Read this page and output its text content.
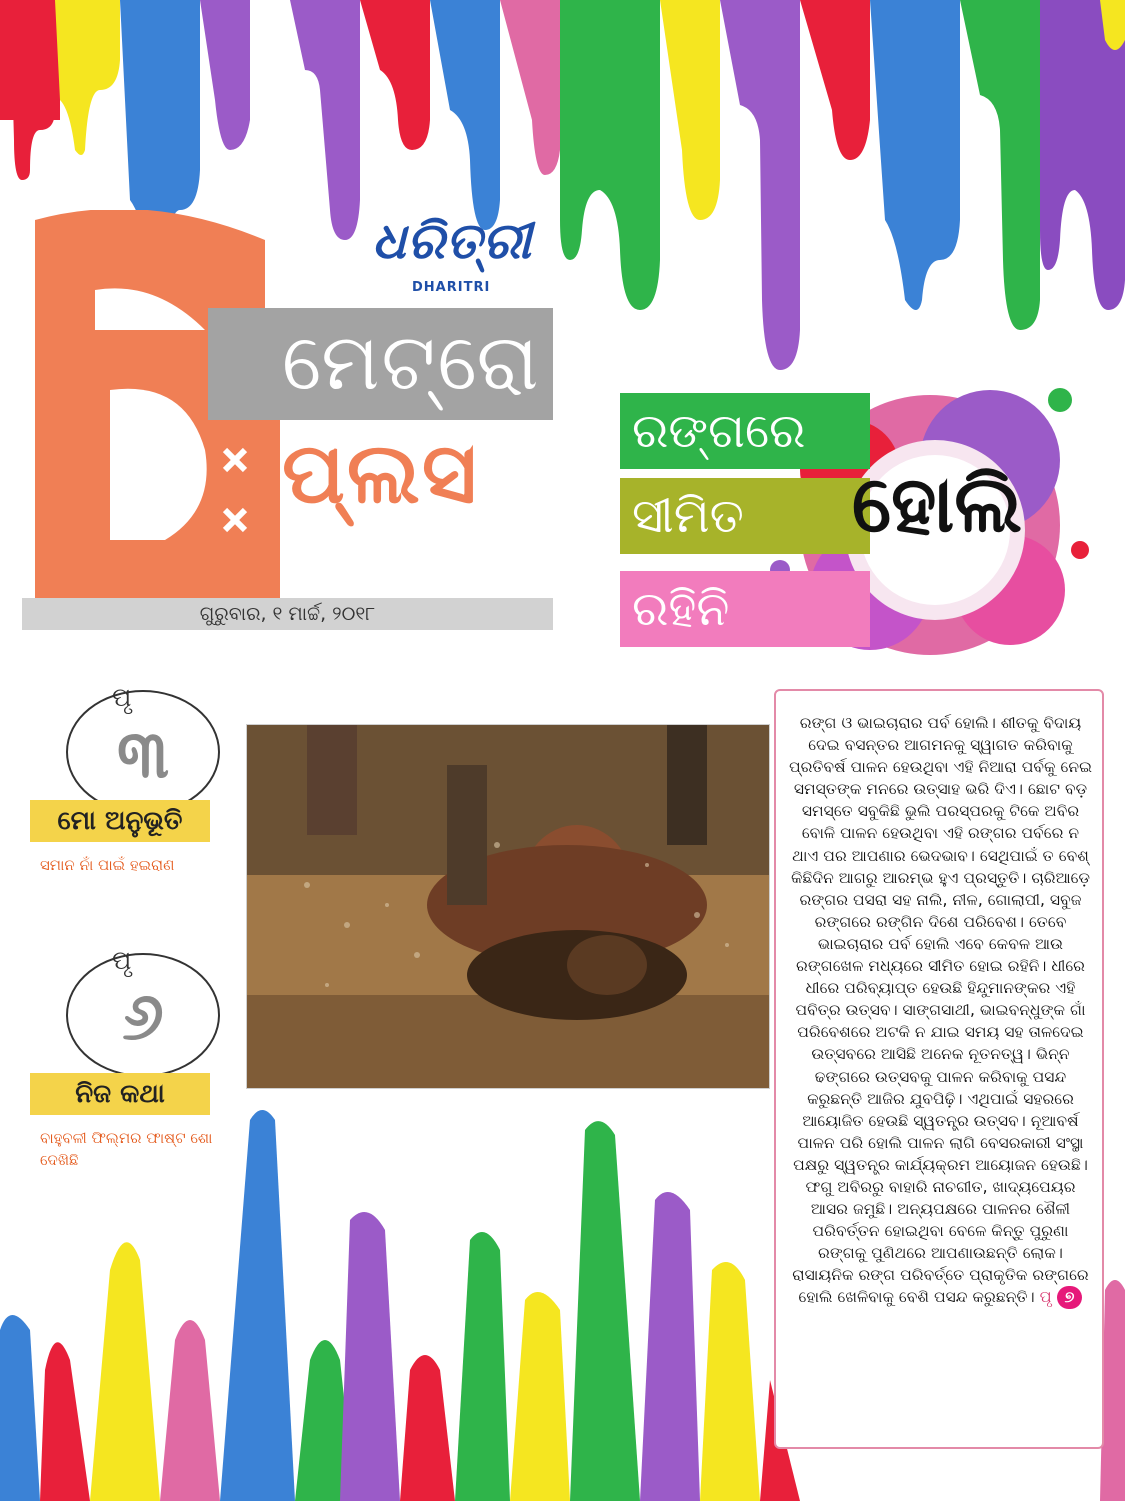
ଧରିତ୍ରୀ
DHARITRI
ମେଟ୍ରୋ
ପ୍ଲସ
ଗୁରୁବାର, ୧ ମାର୍ଚ୍ଚ, ୨୦୧୮
ରଙ୍ଗରେ
ସୀମିତ
ରହିନି
ହୋଲି
ପୃ
୩
ମୋ ଅନୁଭୂତି
ସମାନ ନାଁ ପାଇଁ ହଇରାଣ
ପୃ
୬
ନିଜ କଥା
ବାହୁବଳୀ ଫିଲ୍ମର ଫାଷ୍ଟ ଶୋ ଦେଖିଛି
ରଙ୍ଗ ଓ ଭାଇଚାରାର ପର୍ବ ହୋଲି। ଶୀତକୁ ବିଦାୟ ଦେଇ ବସନ୍ତର ଆଗମନକୁ ସ୍ୱାଗତ କରିବାକୁ ପ୍ରତିବର୍ଷ ପାଳନ ହେଉଥିବା ଏହି ନିଆରା ପର୍ବକୁ ନେଇ ସମସ୍ତଙ୍କ ମନରେ ଉତ୍ସାହ ଭରି ଦିଏ। ଛୋଟ ବଡ଼ ସମସ୍ତେ ସବୁକିଛି ଭୁଲି ପରସ୍ପରକୁ ଟିକେ ଅବିର ବୋଳି ପାଳନ ହେଉଥିବା ଏହି ରଙ୍ଗର ପର୍ବରେ ନ ଥାଏ ପର ଆପଣାର ଭେଦଭାବ। ସେଥିପାଇଁ ତ ବେଶ୍ କିଛିଦିନ ଆଗରୁ ଆରମ୍ଭ ହୁଏ ପ୍ରସ୍ତୁତି। ଚାରିଆଡ଼େ ରଙ୍ଗର ପସରା ସହ ନାଲି, ନୀଳ, ଗୋଲାପୀ, ସବୁଜ ରଙ୍ଗରେ ରଙ୍ଗିନ ଦିଶେ ପରିବେଶ। ତେବେ ଭାଇଚାରାର ପର୍ବ ହୋଲି ଏବେ କେବଳ ଆଉ ରଙ୍ଗଖେଳ ମଧ୍ୟରେ ସୀମିତ ହୋଇ ରହିନି। ଧୀରେ ଧୀରେ ପରିବ୍ୟାପ୍ତ ହେଉଛି ହିନ୍ଦୁମାନଙ୍କର ଏହି ପବିତ୍ର ଉତ୍ସବ। ସାଙ୍ଗସାଥୀ, ଭାଇବନ୍ଧୁଙ୍କ ଗାଁ ପରିବେଶରେ ଅଟକି ନ ଯାଇ ସମୟ ସହ ତାଳଦେଇ ଉତ୍ସବରେ ଆସିଛି ଅନେକ ନୂତନତ୍ୱ। ଭିନ୍ନ ଢଙ୍ଗରେ ଉତ୍ସବକୁ ପାଳନ କରିବାକୁ ପସନ୍ଦ କରୁଛନ୍ତି ଆଜିର ଯୁବପିଢ଼ି। ଏଥିପାଇଁ ସହରରେ ଆୟୋଜିତ ହେଉଛି ସ୍ୱତନ୍ତ୍ର ଉତ୍ସବ। ନୂଆବର୍ଷ ପାଳନ ପରି ହୋଲି ପାଳନ ଲାଗି ବେସରକାରୀ ସଂସ୍ଥା ପକ୍ଷରୁ ସ୍ୱତନ୍ତ୍ର କାର୍ଯ୍ୟକ୍ରମ ଆୟୋଜନ ହେଉଛି। ଫଗୁ ଅବିରରୁ ବାହାରି ନାଚଗୀତ, ଖାଦ୍ୟପେୟର ଆସର ଜମୁଛି। ଅନ୍ୟପକ୍ଷରେ ପାଳନର ଶୈଳୀ ପରିବର୍ତ୍ତନ ହୋଇଥିବା ବେଳେ କିନ୍ତୁ ପୁରୁଣା ରଙ୍ଗକୁ ପୁଣିଥରେ ଆପଣାଉଛନ୍ତି ଲୋକ। ରାସାୟନିକ ରଙ୍ଗ ପରିବର୍ତ୍ତେ ପ୍ରାକୃତିକ ରଙ୍ଗରେ ହୋଲି ଖେଳିବାକୁ ବେଶି ପସନ୍ଦ କରୁଛନ୍ତି। ପୃ ୭
